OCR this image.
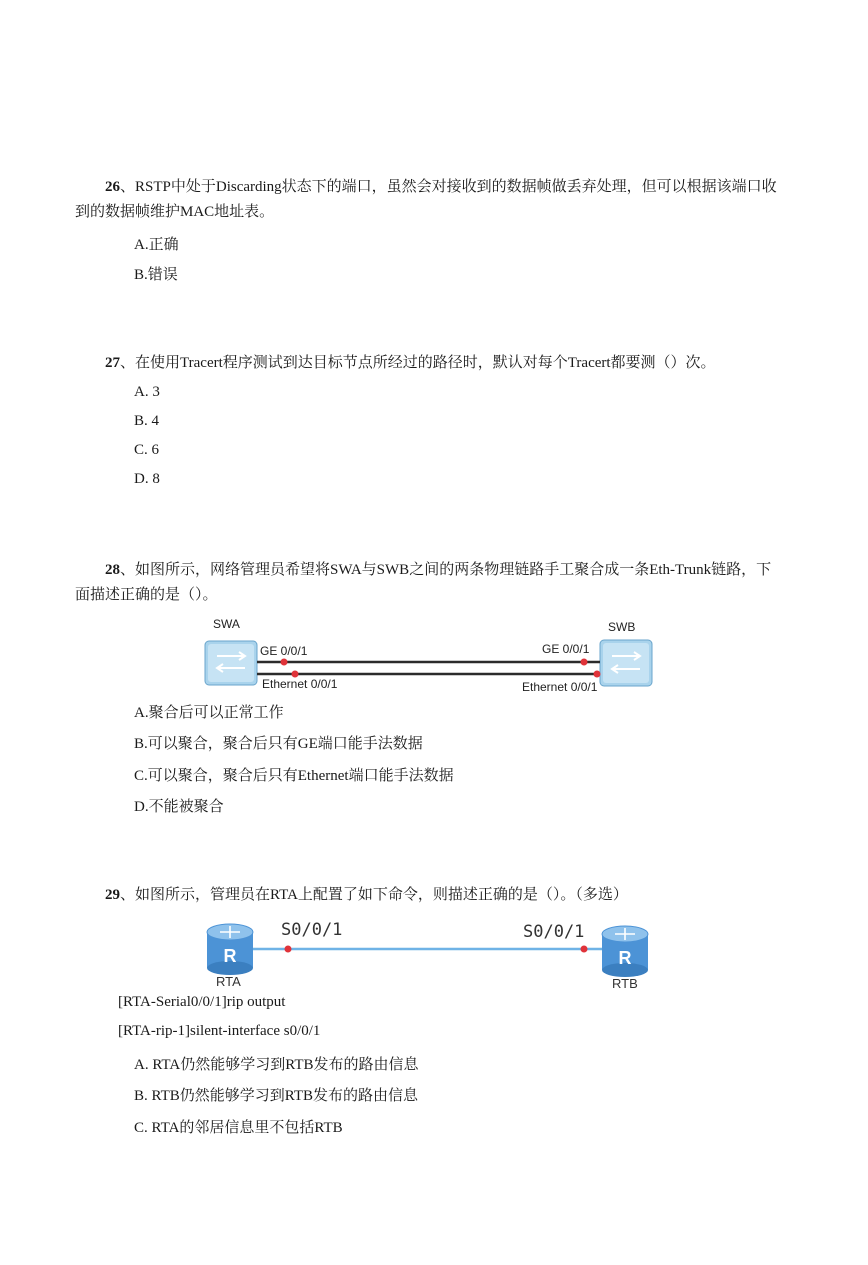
26、RSTP中处于Discarding状态下的端口，虽然会对接收到的数据帧做丢弃处理，但可以根据该端口收
到的数据帧维护MAC地址表。
A.正确
B.错误
27、在使用Tracert程序测试到达目标节点所经过的路径时，默认对每个Tracert都要测（）次。
A. 3
B. 4
C. 6
D. 8
28、如图所示，网络管理员希望将SWA与SWB之间的两条物理链路手工聚合成一条Eth-Trunk链路，下
面描述正确的是（）。
SWA	SWB
GE 0/0/1
Ethernet 0/0/1
GE 0/0/1
Ethernet 0/0/1
A.聚合后可以正常工作
B.可以聚合，聚合后只有GE端口能手法数据
C.可以聚合，聚合后只有Ethernet端口能手法数据
D.不能被聚合
29、如图所示，管理员在RTA上配置了如下命令，则描述正确的是（）。（多选）
R
RTA
R
RTB
S0/0/1	S0/0/1
[RTA-Serial0/0/1]rip output
[RTA-rip-1]silent-interface s0/0/1
A. RTA仍然能够学习到RTB发布的路由信息
B. RTB仍然能够学习到RTB发布的路由信息
C. RTA的邻居信息里不包括RTB
